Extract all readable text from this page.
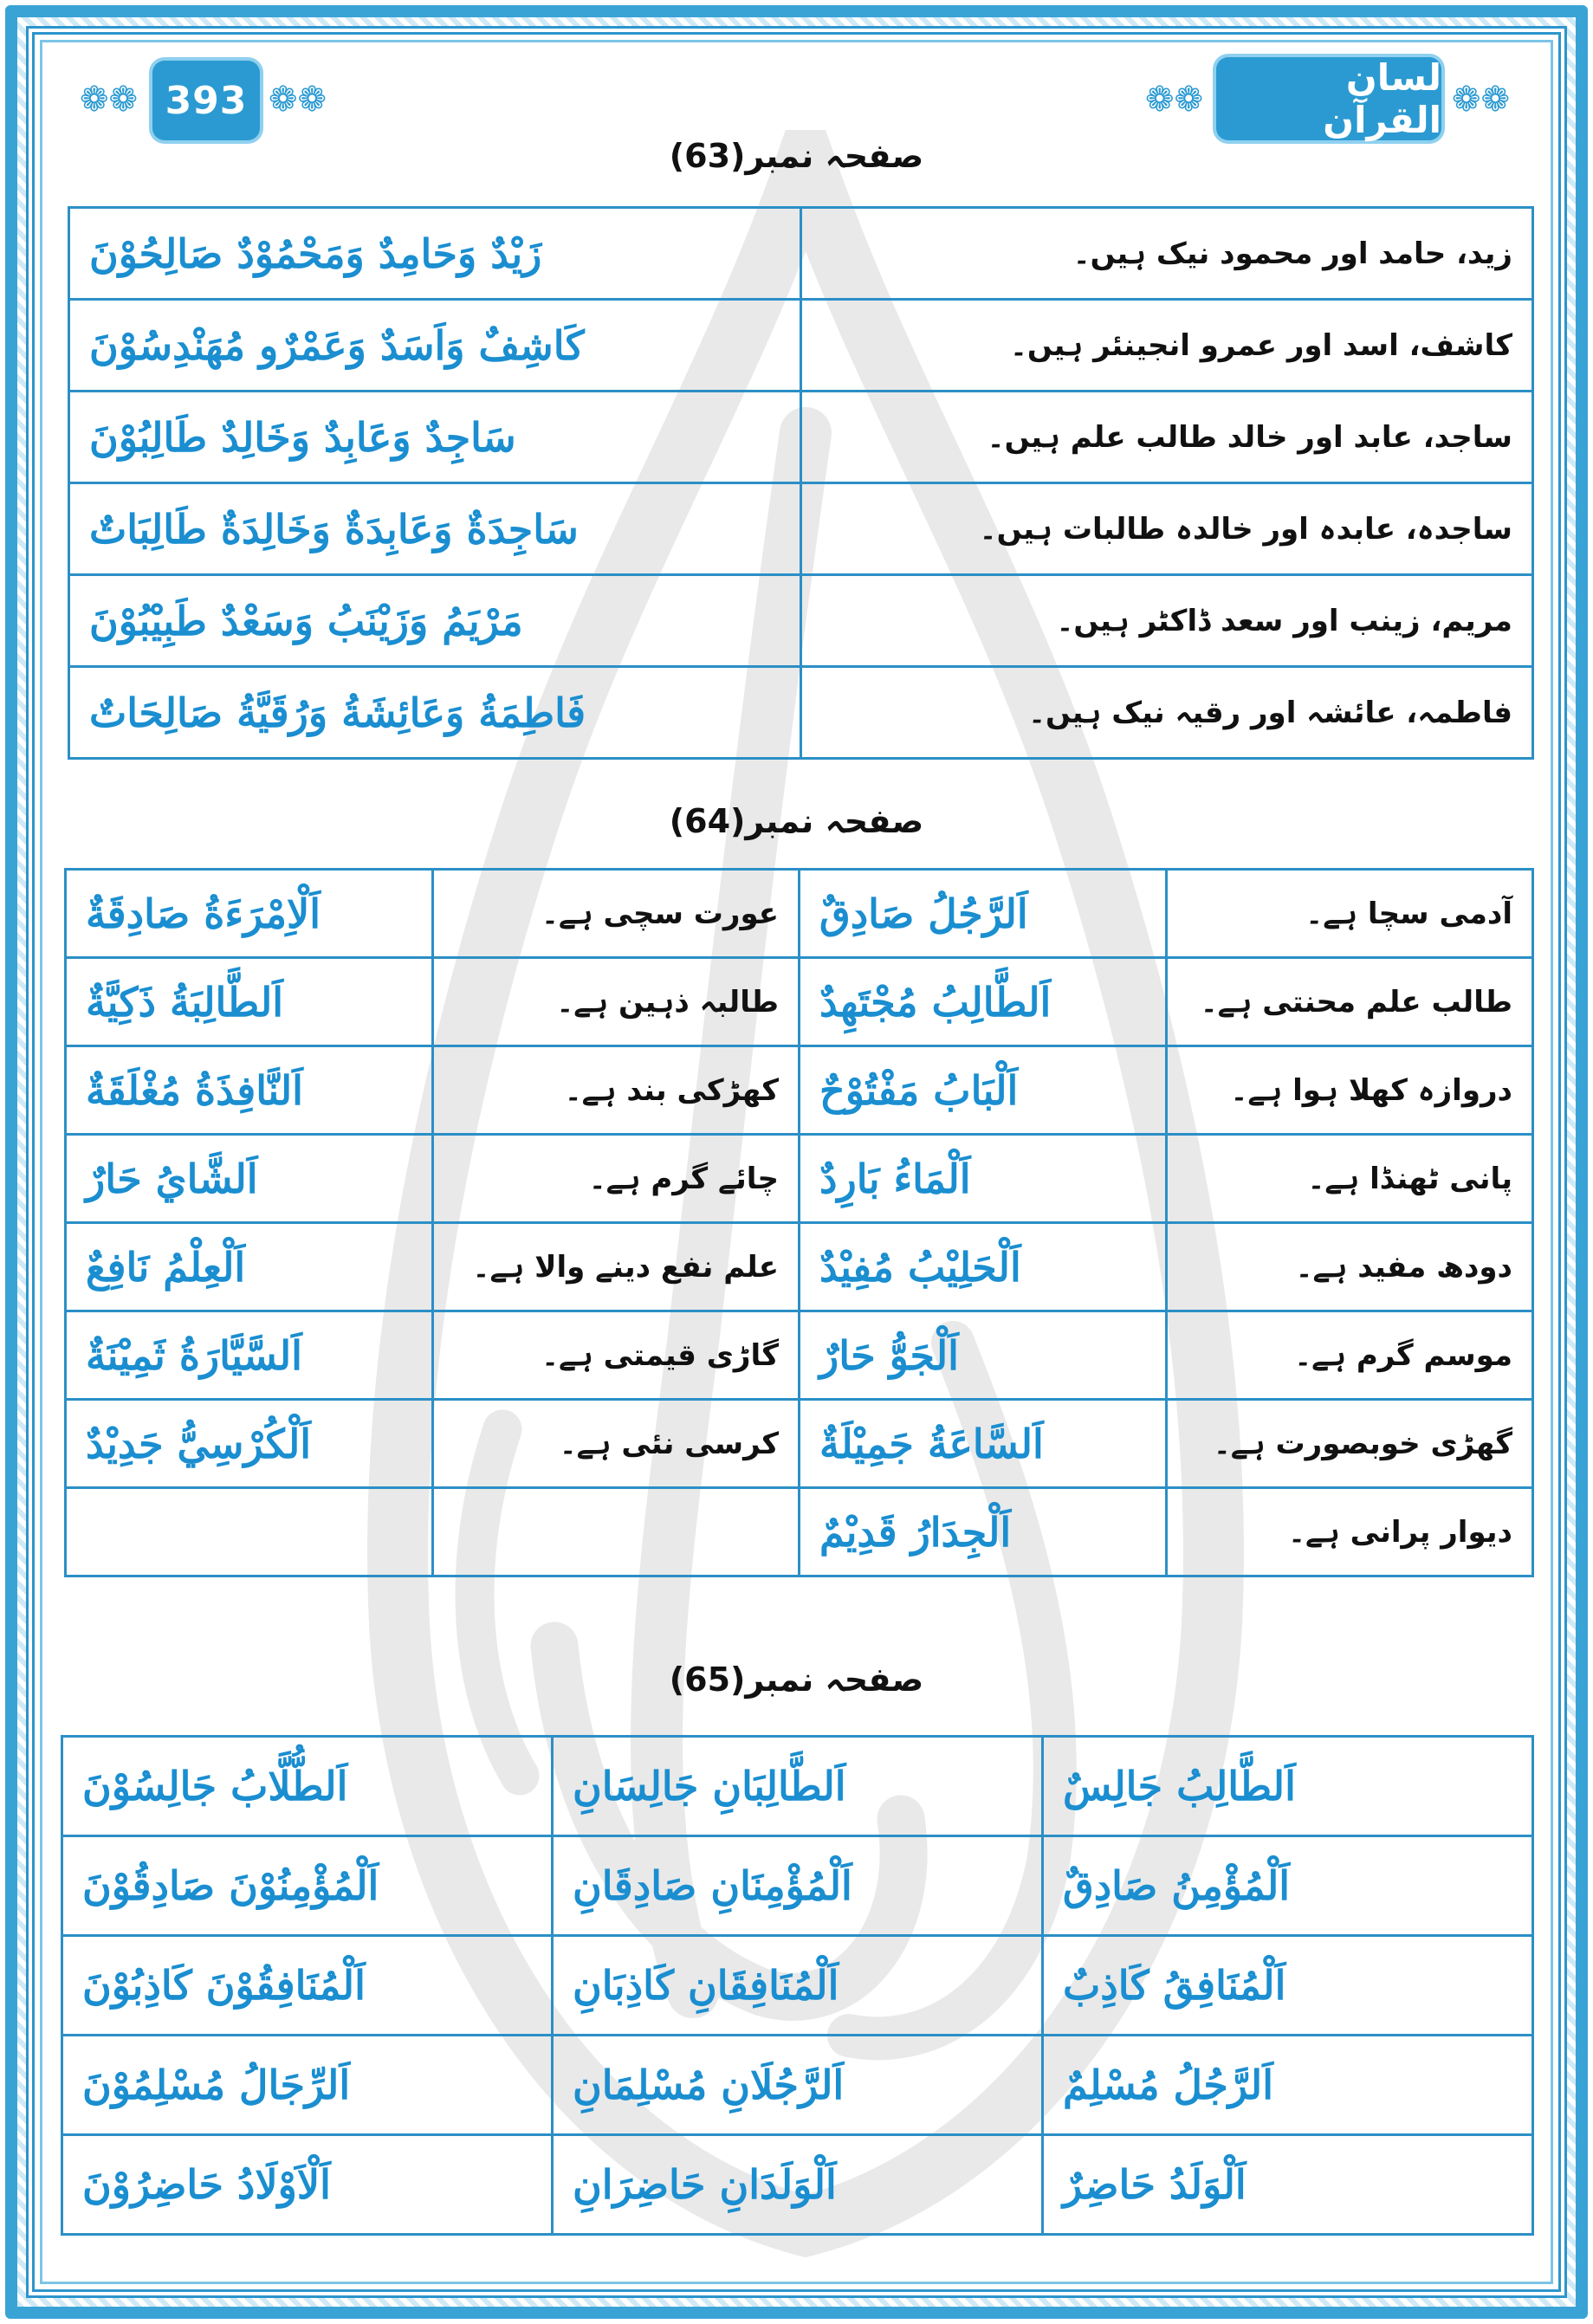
❁❁ 393 ❁❁	❁❁
لسان القرآن ❁❁
صفحہ نمبر(63)
زید، حامد اور محمود نیک ہیں۔	زَيْدٌ وَحَامِدٌ وَمَحْمُوْدٌ صَالِحُوْنَ
کاشف، اسد اور عمرو انجینئر ہیں۔	كَاشِفٌ وَاَسَدٌ وَعَمْرٌو مُهَنْدِسُوْنَ
ساجد، عابد اور خالد طالب علم ہیں۔	سَاجِدٌ وَعَابِدٌ وَخَالِدٌ طَالِبُوْنَ
ساجدہ، عابدہ اور خالدہ طالبات ہیں۔	سَاجِدَةٌ وَعَابِدَةٌ وَخَالِدَةٌ طَالِبَاتٌ
مریم، زینب اور سعد ڈاکٹر ہیں۔	مَرْيَمُ وَزَيْنَبُ وَسَعْدٌ طَبِيْبُوْنَ
فاطمہ، عائشہ اور رقیہ نیک ہیں۔	فَاطِمَةُ وَعَائِشَةُ وَرُقَيَّةُ صَالِحَاتٌ
صفحہ نمبر(64)
آدمی سچا ہے۔	اَلرَّجُلُ صَادِقٌ	عورت سچی ہے۔	اَلْاِمْرَءَةُ صَادِقَةٌ
طالب علم محنتی ہے۔	اَلطَّالِبُ مُجْتَهِدٌ	طالبہ ذہین ہے۔	اَلطَّالِبَةُ ذَكِيَّةٌ
دروازہ کھلا ہوا ہے۔	اَلْبَابُ مَفْتُوْحٌ	کھڑکی بند ہے۔	اَلنَّافِذَةُ مُغْلَقَةٌ
پانی ٹھنڈا ہے۔	اَلْمَاءُ بَارِدٌ	چائے گرم ہے۔	اَلشَّايُ حَارٌ
دودھ مفید ہے۔	اَلْحَلِيْبُ مُفِيْدٌ	علم نفع دینے والا ہے۔	اَلْعِلْمُ نَافِعٌ
موسم گرم ہے۔	اَلْجَوُّ حَارٌ	گاڑی قیمتی ہے۔	اَلسَّيَّارَةُ ثَمِيْنَةٌ
گھڑی خوبصورت ہے۔	اَلسَّاعَةُ جَمِيْلَةٌ	کرسی نئی ہے۔	اَلْكُرْسِيُّ جَدِيْدٌ
دیوار پرانی ہے۔	اَلْجِدَارُ قَدِيْمٌ		
صفحہ نمبر(65)
اَلطَّالِبُ جَالِسٌ	اَلطَّالِبَانِ جَالِسَانِ	اَلطُّلَّابُ جَالِسُوْنَ
اَلْمُؤْمِنُ صَادِقٌ	اَلْمُؤْمِنَانِ صَادِقَانِ	اَلْمُؤْمِنُوْنَ صَادِقُوْنَ
اَلْمُنَافِقُ كَاذِبٌ	اَلْمُنَافِقَانِ كَاذِبَانِ	اَلْمُنَافِقُوْنَ كَاذِبُوْنَ
اَلرَّجُلُ مُسْلِمٌ	اَلرَّجُلَانِ مُسْلِمَانِ	اَلرِّجَالُ مُسْلِمُوْنَ
اَلْوَلَدُ حَاضِرٌ	اَلْوَلَدَانِ حَاضِرَانِ	اَلْاَوْلَادُ حَاضِرُوْنَ
